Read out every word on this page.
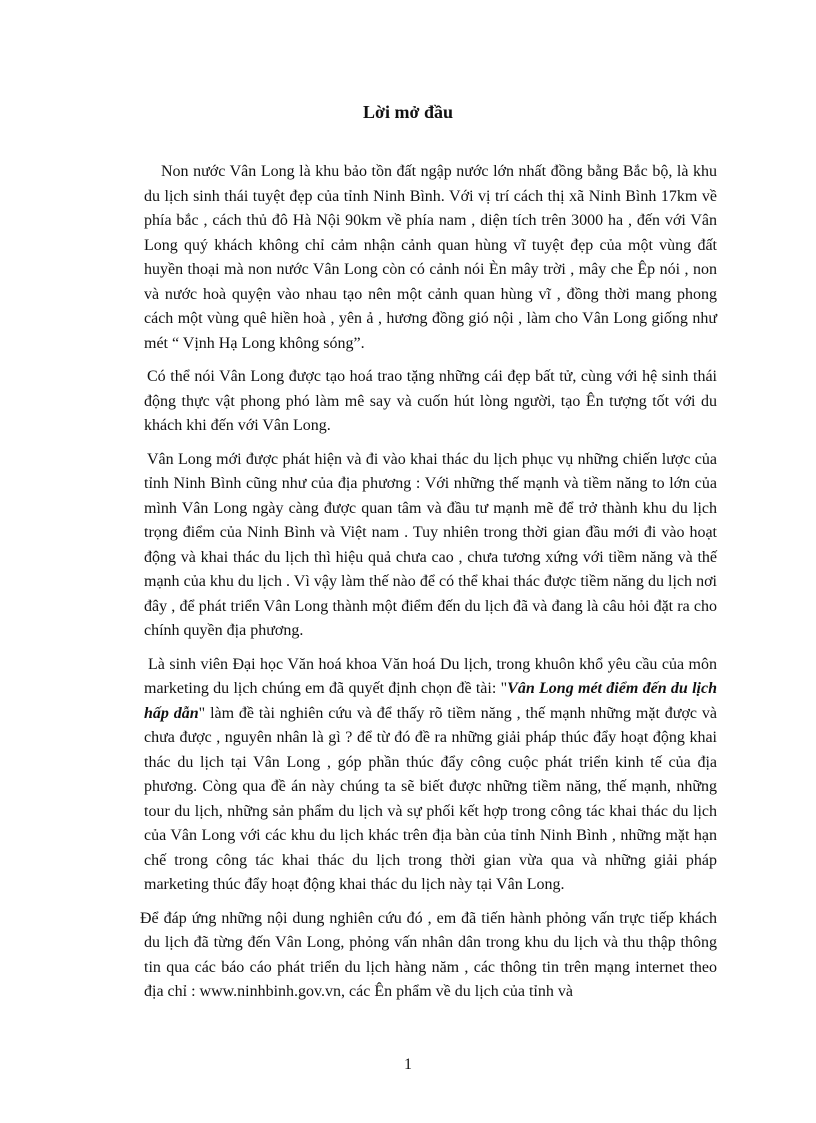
Lời mở đầu

Non nước Vân Long là khu bảo tồn đất ngập nước lớn nhất đồng bằng Bắc bộ, là khu du lịch sinh thái tuyệt đẹp của tỉnh Ninh Bình. Với vị trí cách thị xã Ninh Bình 17km về phía bắc , cách thủ đô Hà Nội 90km về phía nam , diện tích trên 3000 ha , đến với Vân Long quý khách không chỉ cảm nhận cảnh quan hùng vĩ tuyệt đẹp của một vùng đất huyền thoại mà non nước Vân Long còn có cảnh nói Èn mây trời , mây che Êp nói , non và nước hoà quyện vào nhau tạo nên một cảnh quan hùng vĩ , đồng thời mang phong cách một vùng quê hiền hoà , yên ả , hương đồng gió nội , làm cho Vân Long giống như mét “ Vịnh Hạ Long không sóng”.

Có thể nói Vân Long được tạo hoá trao tặng những cái đẹp bất tử, cùng với hệ sinh thái động thực vật phong phó làm mê say và cuốn hút lòng người, tạo Ên tượng tốt với du khách khi đến với Vân Long.

Vân Long mới được phát hiện và đi vào khai thác du lịch phục vụ những chiến lược của tỉnh Ninh Bình cũng như của địa phương : Với những thế mạnh và tiềm năng to lớn của mình Vân Long ngày càng được quan tâm và đầu tư mạnh mẽ để trở thành khu du lịch trọng điểm của Ninh Bình và Việt nam . Tuy nhiên trong thời gian đầu mới đi vào hoạt động và khai thác du lịch thì hiệu quả chưa cao , chưa tương xứng với tiềm năng và thế mạnh của khu du lịch . Vì vậy làm thế nào để có thể khai thác được tiềm năng du lịch nơi đây , để phát triển Vân Long thành một điểm đến du lịch đã và đang là câu hỏi đặt ra cho chính quyền địa phương.

Là sinh viên Đại học Văn hoá khoa Văn hoá Du lịch, trong khuôn khổ yêu cầu của môn marketing du lịch chúng em đã quyết định chọn đề tài: "Vân Long mét điểm đến du lịch hấp dẫn" làm đề tài nghiên cứu và để thấy rõ tiềm năng , thế mạnh những mặt được và chưa được , nguyên nhân là gì ? để từ đó đề ra những giải pháp thúc đẩy hoạt động khai thác du lịch tại Vân Long , góp phần thúc đẩy công cuộc phát triển kinh tế của địa phương. Còng qua đề án này chúng ta sẽ biết được những tiềm năng, thế mạnh, những tour du lịch, những sản phẩm du lịch và sự phối kết hợp trong công tác khai thác du lịch của Vân Long với các khu du lịch khác trên địa bàn của tỉnh Ninh Bình , những mặt hạn chế trong công tác khai thác du lịch trong thời gian vừa qua và những giải pháp marketing thúc đẩy hoạt động khai thác du lịch này tại Vân Long.

Để đáp ứng những nội dung nghiên cứu đó , em đã tiến hành phỏng vấn trực tiếp khách du lịch đã từng đến Vân Long, phỏng vấn nhân dân trong khu du lịch và thu thập thông tin qua các báo cáo phát triển du lịch hàng năm , các thông tin trên mạng internet theo địa chỉ : www.ninhbinh.gov.vn, các Ên phẩm về du lịch của tỉnh và

1
